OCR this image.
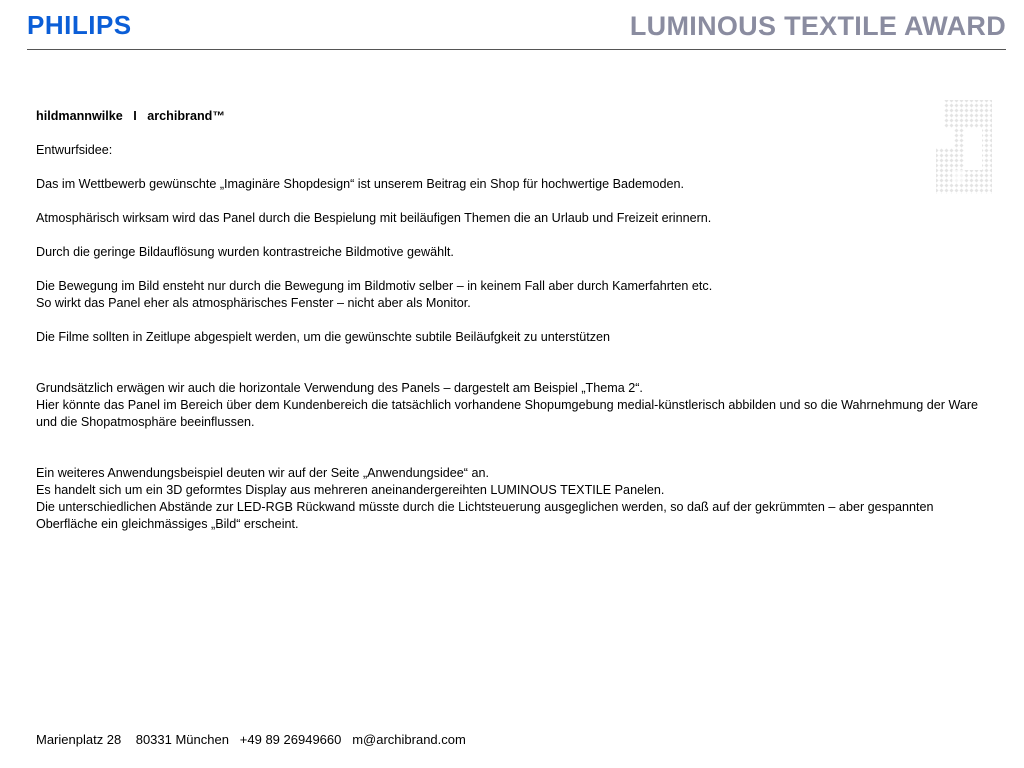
PHILIPS	LUMINOUS TEXTILE AWARD
hildmannwilke   I   archibrand™
Entwurfsidee:
Das im Wettbewerb gewünschte „Imaginäre Shopdesign“ ist unserem Beitrag ein Shop für hochwertige Bademoden.
Atmosphärisch wirksam wird das Panel durch die Bespielung mit beiläufigen Themen die an Urlaub und Freizeit erinnern.
Durch die geringe Bildauflösung wurden kontrastreiche Bildmotive gewählt.
Die Bewegung im Bild ensteht nur durch die Bewegung im Bildmotiv selber – in keinem Fall aber durch Kamerfahrten etc.
So wirkt das Panel eher als atmosphärisches Fenster – nicht aber als Monitor.
Die Filme sollten in Zeitlupe abgespielt werden, um die gewünschte subtile Beiläufgkeit zu unterstützen
Grundsätzlich erwägen wir auch die horizontale Verwendung des Panels – dargestelt am Beispiel „Thema 2“.
Hier könnte das Panel im Bereich über dem Kundenbereich die tatsächlich vorhandene Shopumgebung medial-künstlerisch abbilden und so die Wahrnehmung der Ware und die Shopatmosphäre beeinflussen.
Ein weiteres Anwendungsbeispiel deuten wir auf der Seite „Anwendungsidee“ an.
Es handelt sich um ein 3D geformtes Display aus mehreren aneinandergereihten LUMINOUS TEXTILE Panelen.
Die unterschiedlichen Abstände zur LED-RGB Rückwand müsste durch die Lichtsteuerung ausgeglichen werden, so daß auf der gekrümmten – aber gespannten Oberfläche ein gleichmässiges „Bild“ erscheint.
Marienplatz 28    80331 München   +49 89 26949660   m@archibrand.com
